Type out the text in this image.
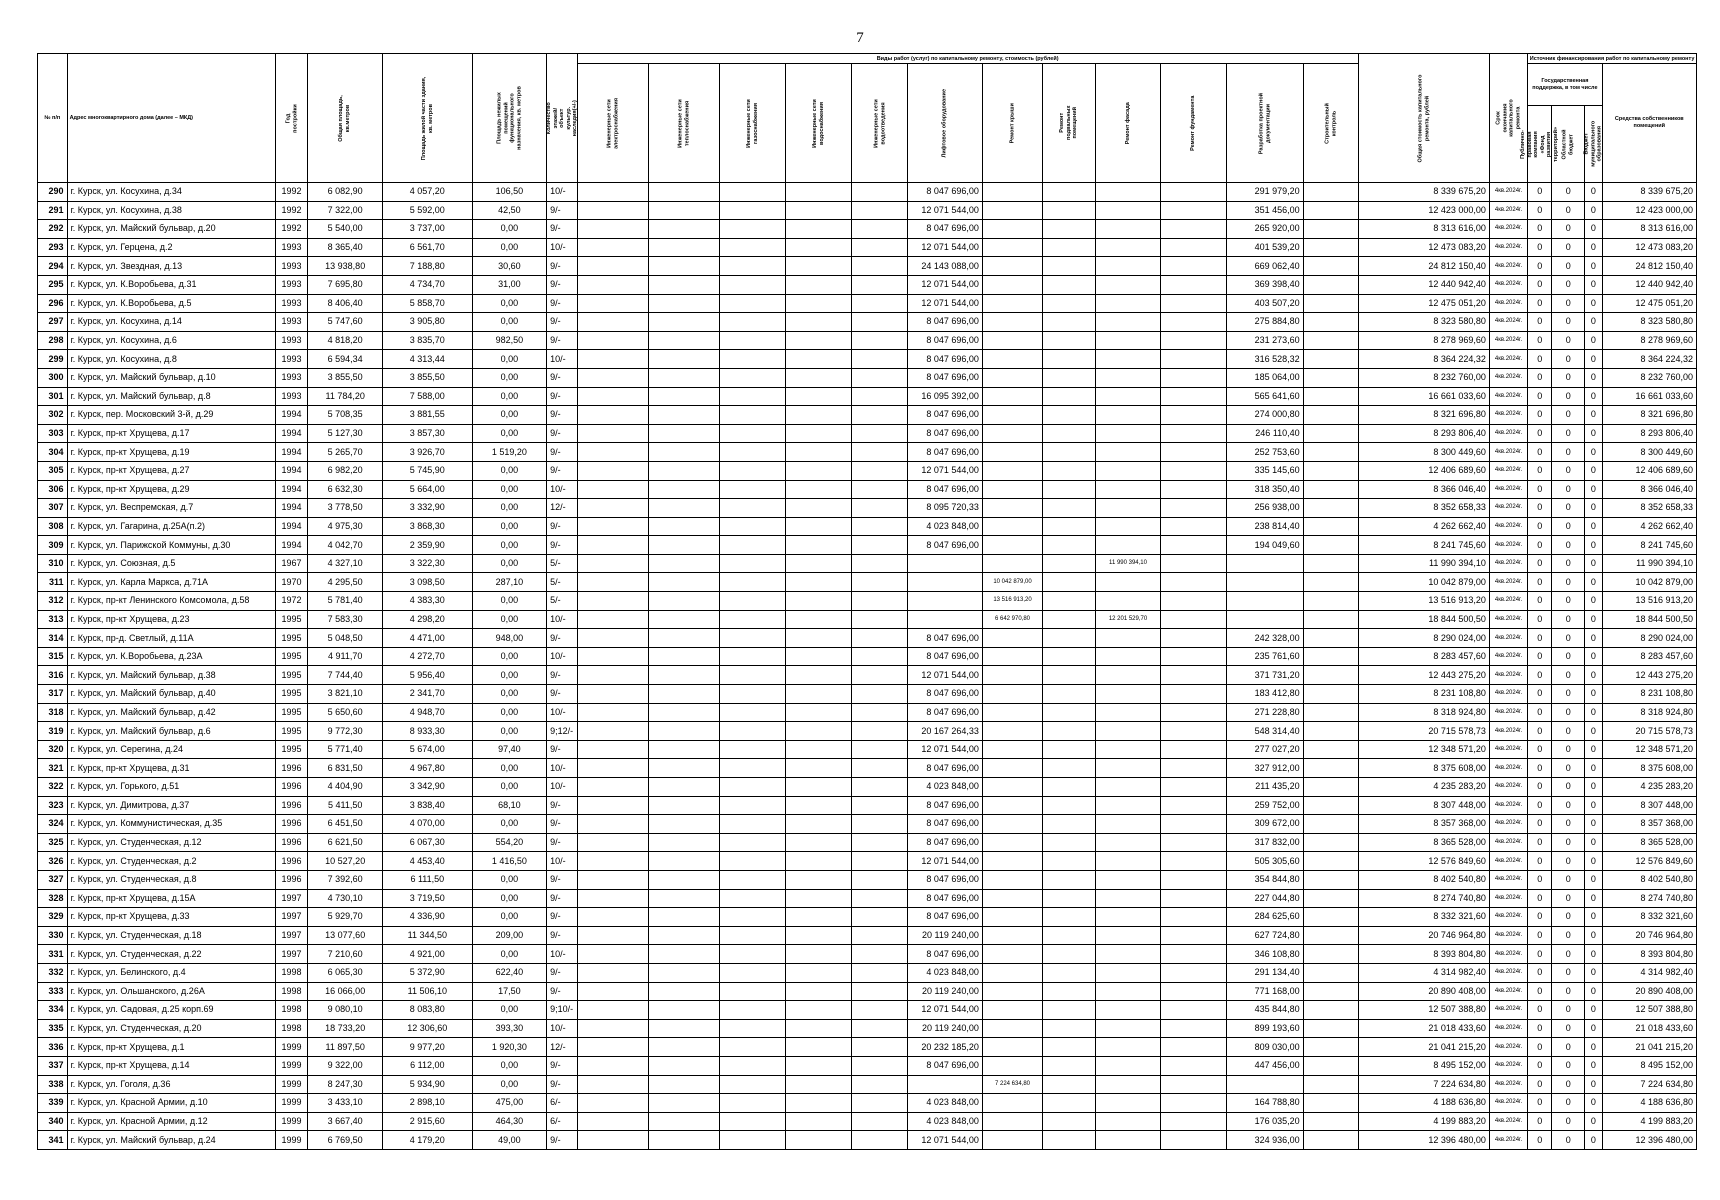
7
№ п/п	Адрес многоквартирного дома (далее – МКД)	Год постройки	Общая площадь, кв.метров	Площадь жилой части здания, кв. метров	Площадь нежилых помещений функционального назначения, кв. метров	Количество этажей/объект культур. наследия(+/-)	Виды работ (услуг) по капитальному ремонту, стоимость (рублей)												Общая стоимость капитального ремонта, рублей	Срок окончания капитального ремонта	Источник финансирования работ по капитальному ремонту			

							Инженерные сети электроснабжения	Инженерные сети теплоснабжения	Инженерные сети газоснабжения	Инженерные сети водоснабжения	Инженерные сети водоотведения	Лифтовое оборудование	Ремонт крыши	Ремонт подвальных помещений	Ремонт фасада	Ремонт фундамента	Разработка проектной документации	Строительный контроль			Государственная поддержка, в том числе			Средства собственников помещений

																					Публично-правовая компания «Фонд развития территорий»	Областной бюджет	Бюджет муниципального образования	

290	г. Курск, ул. Косухина, д.34	1992	6 082,90	4 057,20	106,50	10/-						8 047 696,00					291 979,20		8 339 675,20	4кв.2024г.	0	0	0	8 339 675,20
291	г. Курск, ул. Косухина, д.38	1992	7 322,00	5 592,00	42,50	9/-						12 071 544,00					351 456,00		12 423 000,00	4кв.2024г.	0	0	0	12 423 000,00
292	г. Курск, ул. Майский бульвар, д.20	1992	5 540,00	3 737,00	0,00	9/-						8 047 696,00					265 920,00		8 313 616,00	4кв.2024г.	0	0	0	8 313 616,00
293	г. Курск, ул. Герцена, д.2	1993	8 365,40	6 561,70	0,00	10/-						12 071 544,00					401 539,20		12 473 083,20	4кв.2024г.	0	0	0	12 473 083,20
294	г. Курск, ул. Звездная, д.13	1993	13 938,80	7 188,80	30,60	9/-						24 143 088,00					669 062,40		24 812 150,40	4кв.2024г.	0	0	0	24 812 150,40
295	г. Курск, ул. К.Воробьева, д.31	1993	7 695,80	4 734,70	31,00	9/-						12 071 544,00					369 398,40		12 440 942,40	4кв.2024г.	0	0	0	12 440 942,40
296	г. Курск, ул. К.Воробьева, д.5	1993	8 406,40	5 858,70	0,00	9/-						12 071 544,00					403 507,20		12 475 051,20	4кв.2024г.	0	0	0	12 475 051,20
297	г. Курск, ул. Косухина, д.14	1993	5 747,60	3 905,80	0,00	9/-						8 047 696,00					275 884,80		8 323 580,80	4кв.2024г.	0	0	0	8 323 580,80
298	г. Курск, ул. Косухина, д.6	1993	4 818,20	3 835,70	982,50	9/-						8 047 696,00					231 273,60		8 278 969,60	4кв.2024г.	0	0	0	8 278 969,60
299	г. Курск, ул. Косухина, д.8	1993	6 594,34	4 313,44	0,00	10/-						8 047 696,00					316 528,32		8 364 224,32	4кв.2024г.	0	0	0	8 364 224,32
300	г. Курск, ул. Майский бульвар, д.10	1993	3 855,50	3 855,50	0,00	9/-						8 047 696,00					185 064,00		8 232 760,00	4кв.2024г.	0	0	0	8 232 760,00
301	г. Курск, ул. Майский бульвар, д.8	1993	11 784,20	7 588,00	0,00	9/-						16 095 392,00					565 641,60		16 661 033,60	4кв.2024г.	0	0	0	16 661 033,60
302	г. Курск, пер. Московский 3-й, д.29	1994	5 708,35	3 881,55	0,00	9/-						8 047 696,00					274 000,80		8 321 696,80	4кв.2024г.	0	0	0	8 321 696,80
303	г. Курск, пр-кт Хрущева, д.17	1994	5 127,30	3 857,30	0,00	9/-						8 047 696,00					246 110,40		8 293 806,40	4кв.2024г.	0	0	0	8 293 806,40
304	г. Курск, пр-кт Хрущева, д.19	1994	5 265,70	3 926,70	1 519,20	9/-						8 047 696,00					252 753,60		8 300 449,60	4кв.2024г.	0	0	0	8 300 449,60
305	г. Курск, пр-кт Хрущева, д.27	1994	6 982,20	5 745,90	0,00	9/-						12 071 544,00					335 145,60		12 406 689,60	4кв.2024г.	0	0	0	12 406 689,60
306	г. Курск, пр-кт Хрущева, д.29	1994	6 632,30	5 664,00	0,00	10/-						8 047 696,00					318 350,40		8 366 046,40	4кв.2024г.	0	0	0	8 366 046,40
307	г. Курск, ул. Веспремская, д.7	1994	3 778,50	3 332,90	0,00	12/-						8 095 720,33					256 938,00		8 352 658,33	4кв.2024г.	0	0	0	8 352 658,33
308	г. Курск, ул. Гагарина, д.25А(п.2)	1994	4 975,30	3 868,30	0,00	9/-						4 023 848,00					238 814,40		4 262 662,40	4кв.2024г.	0	0	0	4 262 662,40
309	г. Курск, ул. Парижской Коммуны, д.30	1994	4 042,70	2 359,90	0,00	9/-						8 047 696,00					194 049,60		8 241 745,60	4кв.2024г.	0	0	0	8 241 745,60
310	г. Курск, ул. Союзная, д.5	1967	4 327,10	3 322,30	0,00	5/-									11 990 394,10				11 990 394,10	4кв.2024г.	0	0	0	11 990 394,10
311	г. Курск, ул. Карла Маркса, д.71А	1970	4 295,50	3 098,50	287,10	5/-							10 042 879,00						10 042 879,00	4кв.2024г.	0	0	0	10 042 879,00
312	г. Курск, пр-кт Ленинского Комсомола, д.58	1972	5 781,40	4 383,30	0,00	5/-							13 516 913,20						13 516 913,20	4кв.2024г.	0	0	0	13 516 913,20
313	г. Курск, пр-кт Хрущева, д.23	1995	7 583,30	4 298,20	0,00	10/-							6 642 970,80		12 201 529,70				18 844 500,50	4кв.2024г.	0	0	0	18 844 500,50
314	г. Курск, пр-д. Светлый, д.11А	1995	5 048,50	4 471,00	948,00	9/-						8 047 696,00					242 328,00		8 290 024,00	4кв.2024г.	0	0	0	8 290 024,00
315	г. Курск, ул. К.Воробьева, д.23А	1995	4 911,70	4 272,70	0,00	10/-						8 047 696,00					235 761,60		8 283 457,60	4кв.2024г.	0	0	0	8 283 457,60
316	г. Курск, ул. Майский бульвар, д.38	1995	7 744,40	5 956,40	0,00	9/-						12 071 544,00					371 731,20		12 443 275,20	4кв.2024г.	0	0	0	12 443 275,20
317	г. Курск, ул. Майский бульвар, д.40	1995	3 821,10	2 341,70	0,00	9/-						8 047 696,00					183 412,80		8 231 108,80	4кв.2024г.	0	0	0	8 231 108,80
318	г. Курск, ул. Майский бульвар, д.42	1995	5 650,60	4 948,70	0,00	10/-						8 047 696,00					271 228,80		8 318 924,80	4кв.2024г.	0	0	0	8 318 924,80
319	г. Курск, ул. Майский бульвар, д.6	1995	9 772,30	8 933,30	0,00	9;12/-						20 167 264,33					548 314,40		20 715 578,73	4кв.2024г.	0	0	0	20 715 578,73
320	г. Курск, ул. Серегина, д.24	1995	5 771,40	5 674,00	97,40	9/-						12 071 544,00					277 027,20		12 348 571,20	4кв.2024г.	0	0	0	12 348 571,20
321	г. Курск, пр-кт Хрущева, д.31	1996	6 831,50	4 967,80	0,00	10/-						8 047 696,00					327 912,00		8 375 608,00	4кв.2024г.	0	0	0	8 375 608,00
322	г. Курск, ул. Горького, д.51	1996	4 404,90	3 342,90	0,00	10/-						4 023 848,00					211 435,20		4 235 283,20	4кв.2024г.	0	0	0	4 235 283,20
323	г. Курск, ул. Димитрова, д.37	1996	5 411,50	3 838,40	68,10	9/-						8 047 696,00					259 752,00		8 307 448,00	4кв.2024г.	0	0	0	8 307 448,00
324	г. Курск, ул. Коммунистическая, д.35	1996	6 451,50	4 070,00	0,00	9/-						8 047 696,00					309 672,00		8 357 368,00	4кв.2024г.	0	0	0	8 357 368,00
325	г. Курск, ул. Студенческая, д.12	1996	6 621,50	6 067,30	554,20	9/-						8 047 696,00					317 832,00		8 365 528,00	4кв.2024г.	0	0	0	8 365 528,00
326	г. Курск, ул. Студенческая, д.2	1996	10 527,20	4 453,40	1 416,50	10/-						12 071 544,00					505 305,60		12 576 849,60	4кв.2024г.	0	0	0	12 576 849,60
327	г. Курск, ул. Студенческая, д.8	1996	7 392,60	6 111,50	0,00	9/-						8 047 696,00					354 844,80		8 402 540,80	4кв.2024г.	0	0	0	8 402 540,80
328	г. Курск, пр-кт Хрущева, д.15А	1997	4 730,10	3 719,50	0,00	9/-						8 047 696,00					227 044,80		8 274 740,80	4кв.2024г.	0	0	0	8 274 740,80
329	г. Курск, пр-кт Хрущева, д.33	1997	5 929,70	4 336,90	0,00	9/-						8 047 696,00					284 625,60		8 332 321,60	4кв.2024г.	0	0	0	8 332 321,60
330	г. Курск, ул. Студенческая, д.18	1997	13 077,60	11 344,50	209,00	9/-						20 119 240,00					627 724,80		20 746 964,80	4кв.2024г.	0	0	0	20 746 964,80
331	г. Курск, ул. Студенческая, д.22	1997	7 210,60	4 921,00	0,00	10/-						8 047 696,00					346 108,80		8 393 804,80	4кв.2024г.	0	0	0	8 393 804,80
332	г. Курск, ул. Белинского, д.4	1998	6 065,30	5 372,90	622,40	9/-						4 023 848,00					291 134,40		4 314 982,40	4кв.2024г.	0	0	0	4 314 982,40
333	г. Курск, ул. Ольшанского, д.26А	1998	16 066,00	11 506,10	17,50	9/-						20 119 240,00					771 168,00		20 890 408,00	4кв.2024г.	0	0	0	20 890 408,00
334	г. Курск, ул. Садовая, д.25 корп.69	1998	9 080,10	8 083,80	0,00	9;10/-						12 071 544,00					435 844,80		12 507 388,80	4кв.2024г.	0	0	0	12 507 388,80
335	г. Курск, ул. Студенческая, д.20	1998	18 733,20	12 306,60	393,30	10/-						20 119 240,00					899 193,60		21 018 433,60	4кв.2024г.	0	0	0	21 018 433,60
336	г. Курск, пр-кт Хрущева, д.1	1999	11 897,50	9 977,20	1 920,30	12/-						20 232 185,20					809 030,00		21 041 215,20	4кв.2024г.	0	0	0	21 041 215,20
337	г. Курск, пр-кт Хрущева, д.14	1999	9 322,00	6 112,00	0,00	9/-						8 047 696,00					447 456,00		8 495 152,00	4кв.2024г.	0	0	0	8 495 152,00
338	г. Курск, ул. Гоголя, д.36	1999	8 247,30	5 934,90	0,00	9/-							7 224 634,80						7 224 634,80	4кв.2024г.	0	0	0	7 224 634,80
339	г. Курск, ул. Красной Армии, д.10	1999	3 433,10	2 898,10	475,00	6/-						4 023 848,00					164 788,80		4 188 636,80	4кв.2024г.	0	0	0	4 188 636,80
340	г. Курск, ул. Красной Армии, д.12	1999	3 667,40	2 915,60	464,30	6/-						4 023 848,00					176 035,20		4 199 883,20	4кв.2024г.	0	0	0	4 199 883,20
341	г. Курск, ул. Майский бульвар, д.24	1999	6 769,50	4 179,20	49,00	9/-						12 071 544,00					324 936,00		12 396 480,00	4кв.2024г.	0	0	0	12 396 480,00
